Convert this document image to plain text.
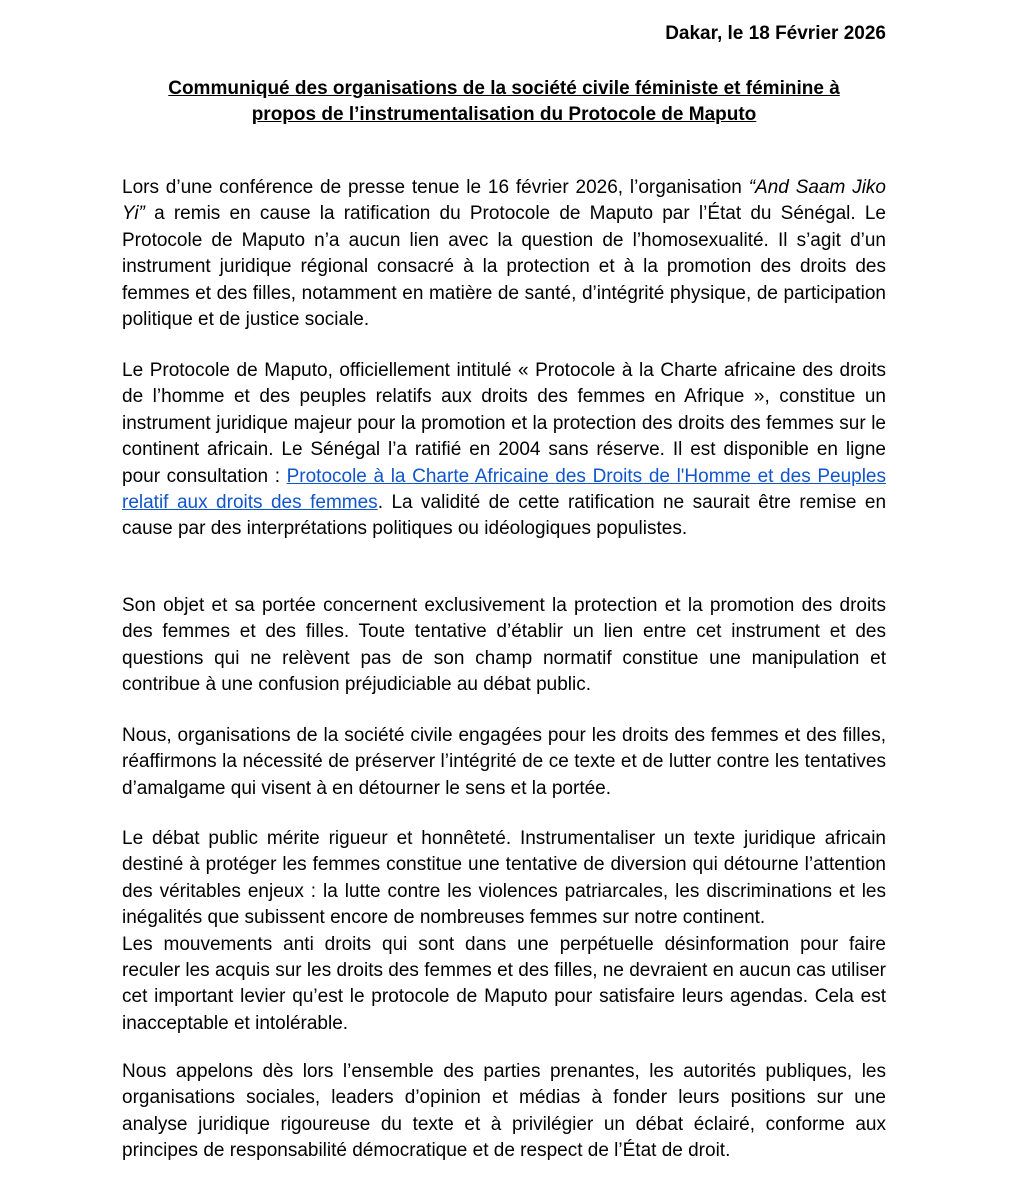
Dakar, le 18 Février 2026
Communiqué des organisations de la société civile féministe et féminine à
propos de l’instrumentalisation du Protocole de Maputo

Lors d’une conférence de presse tenue le 16 février 2026, l’organisation “And Saam Jiko Yi” a remis en cause la ratification du Protocole de Maputo par l’État du Sénégal. Le Protocole de Maputo n’a aucun lien avec la question de l’homosexualité. Il s’agit d’un instrument juridique régional consacré à la protection et à la promotion des droits des femmes et des filles, notamment en matière de santé, d’intégrité physique, de participation politique et de justice sociale.

Le Protocole de Maputo, officiellement intitulé « Protocole à la Charte africaine des droits de l’homme et des peuples relatifs aux droits des femmes en Afrique », constitue un instrument juridique majeur pour la promotion et la protection des droits des femmes sur le continent africain. Le Sénégal l’a ratifié en 2004 sans réserve. Il est disponible en ligne pour consultation : Protocole à la Charte Africaine des Droits de l'Homme et des Peuples relatif aux droits des femmes. La validité de cette ratification ne saurait être remise en cause par des interprétations politiques ou idéologiques populistes.

Son objet et sa portée concernent exclusivement la protection et la promotion des droits des femmes et des filles. Toute tentative d’établir un lien entre cet instrument et des questions qui ne relèvent pas de son champ normatif constitue une manipulation et contribue à une confusion préjudiciable au débat public.

Nous, organisations de la société civile engagées pour les droits des femmes et des filles, réaffirmons la nécessité de préserver l’intégrité de ce texte et de lutter contre les tentatives d’amalgame qui visent à en détourner le sens et la portée.

Le débat public mérite rigueur et honnêteté. Instrumentaliser un texte juridique africain destiné à protéger les femmes constitue une tentative de diversion qui détourne l’attention des véritables enjeux : la lutte contre les violences patriarcales, les discriminations et les inégalités que subissent encore de nombreuses femmes sur notre continent.
Les mouvements anti droits qui sont dans une perpétuelle désinformation pour faire reculer les acquis sur les droits des femmes et des filles, ne devraient en aucun cas utiliser cet important levier qu’est le protocole de Maputo pour satisfaire leurs agendas. Cela est inacceptable et intolérable.

Nous appelons dès lors l’ensemble des parties prenantes, les autorités publiques, les organisations sociales, leaders d’opinion et médias à fonder leurs positions sur une analyse juridique rigoureuse du texte et à privilégier un débat éclairé, conforme aux principes de responsabilité démocratique et de respect de l’État de droit.
